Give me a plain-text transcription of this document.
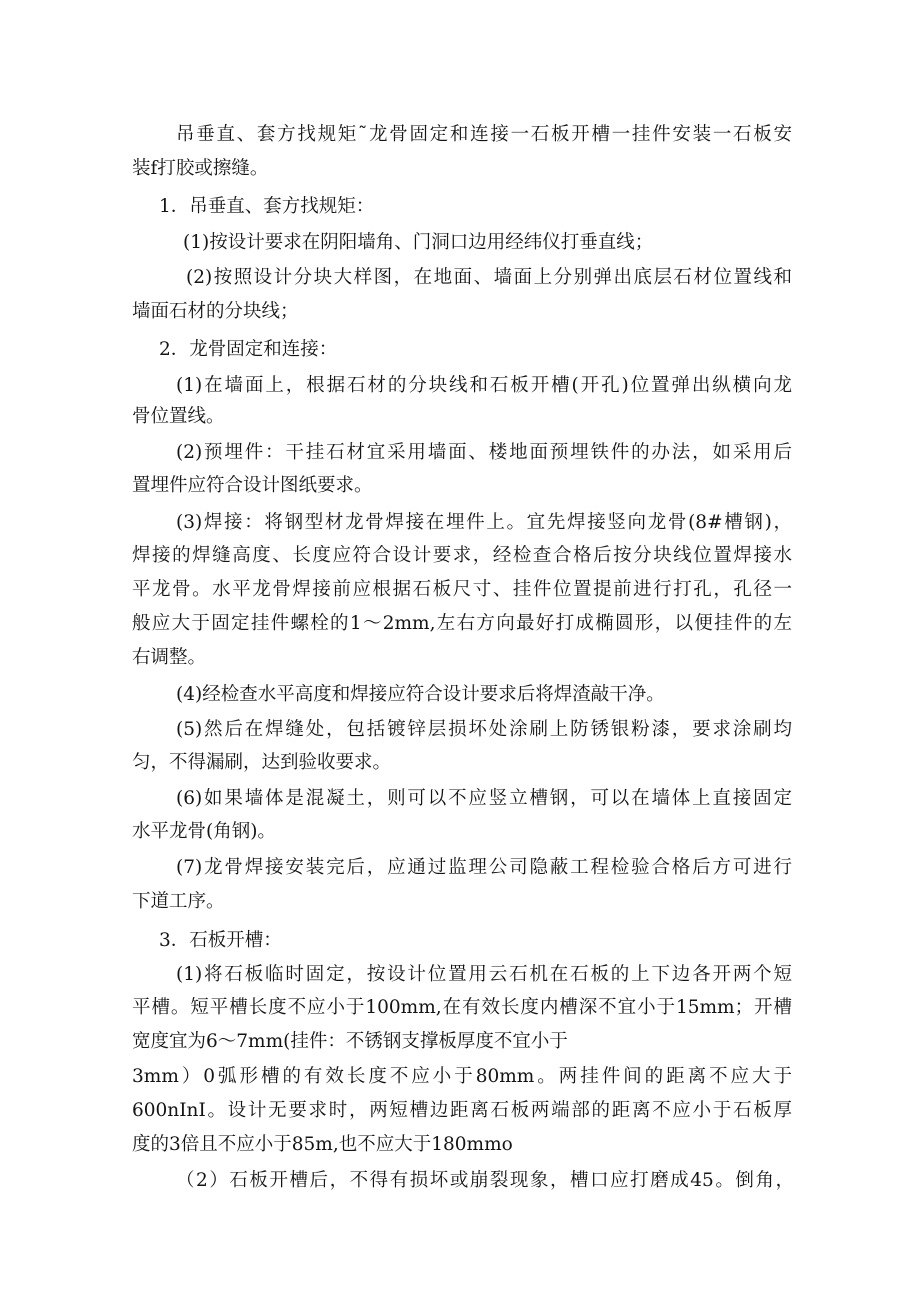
吊垂直、套方找规矩˜龙骨固定和连接一石板开槽一挂件安装一石板安
装f打胶或擦缝。
1．吊垂直、套方找规矩：
(1)按设计要求在阴阳墙角、门洞口边用经纬仪打垂直线；
(2)按照设计分块大样图，在地面、墙面上分别弹出底层石材位置线和
墙面石材的分块线；
2．龙骨固定和连接：
(1)在墙面上，根据石材的分块线和石板开槽(开孔)位置弹出纵横向龙
骨位置线。
(2)预埋件：干挂石材宜采用墙面、楼地面预埋铁件的办法，如采用后
置埋件应符合设计图纸要求。
(3)焊接：将钢型材龙骨焊接在埋件上。宜先焊接竖向龙骨(8#槽钢)，
焊接的焊缝高度、长度应符合设计要求，经检查合格后按分块线位置焊接水
平龙骨。水平龙骨焊接前应根据石板尺寸、挂件位置提前进行打孔，孔径一
般应大于固定挂件螺栓的1～2mm,左右方向最好打成椭圆形，以便挂件的左
右调整。
(4)经检查水平高度和焊接应符合设计要求后将焊渣敲干净。
(5)然后在焊缝处，包括镀锌层损坏处涂刷上防锈银粉漆，要求涂刷均
匀，不得漏刷，达到验收要求。
(6)如果墙体是混凝土，则可以不应竖立槽钢，可以在墙体上直接固定
水平龙骨(角钢)。
(7)龙骨焊接安装完后，应通过监理公司隐蔽工程检验合格后方可进行
下道工序。
3．石板开槽：
(1)将石板临时固定，按设计位置用云石机在石板的上下边各开两个短
平槽。短平槽长度不应小于100mm,在有效长度内槽深不宜小于15mm；开槽
宽度宜为6～7mm(挂件：不锈钢支撑板厚度不宜小于
3mm）0弧形槽的有效长度不应小于80mm。两挂件间的距离不应大于
600nInI。设计无要求时，两短槽边距离石板两端部的距离不应小于石板厚
度的3倍且不应小于85m,也不应大于180mmo
（2）石板开槽后，不得有损坏或崩裂现象，槽口应打磨成45。倒角，
